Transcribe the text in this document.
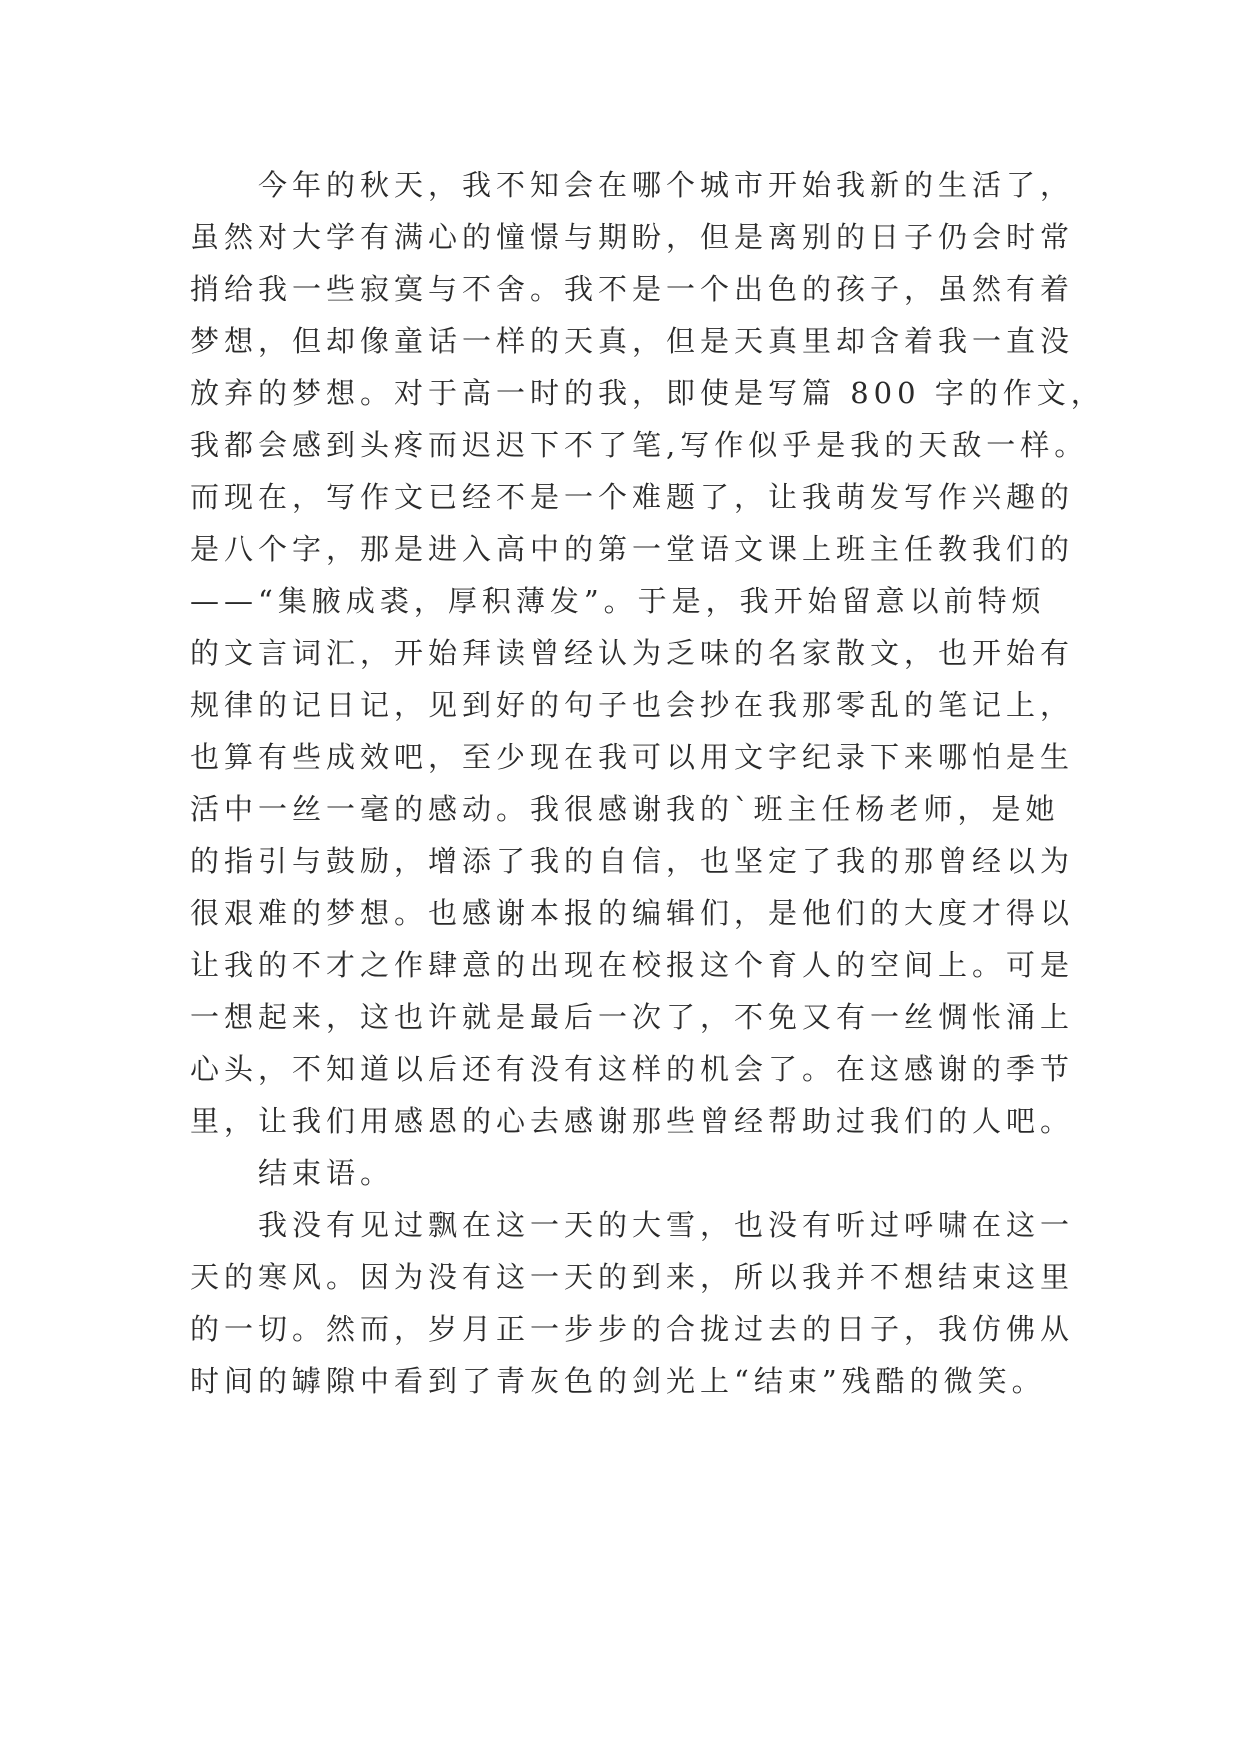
今年的秋天，我不知会在哪个城市开始我新的生活了，
虽然对大学有满心的憧憬与期盼，但是离别的日子仍会时常
捎给我一些寂寞与不舍。我不是一个出色的孩子，虽然有着
梦想，但却像童话一样的天真，但是天真里却含着我一直没
放弃的梦想。对于高一时的我，即使是写篇 800 字的作文，
我都会感到头疼而迟迟下不了笔,写作似乎是我的天敌一样。
而现在，写作文已经不是一个难题了，让我萌发写作兴趣的
是八个字，那是进入高中的第一堂语文课上班主任教我们的
——“集腋成裘，厚积薄发”。于是，我开始留意以前特烦
的文言词汇，开始拜读曾经认为乏味的名家散文，也开始有
规律的记日记，见到好的句子也会抄在我那零乱的笔记上，
也算有些成效吧，至少现在我可以用文字纪录下来哪怕是生
活中一丝一毫的感动。我很感谢我的`班主任杨老师，是她
的指引与鼓励，增添了我的自信，也坚定了我的那曾经以为
很艰难的梦想。也感谢本报的编辑们，是他们的大度才得以
让我的不才之作肆意的出现在校报这个育人的空间上。可是
一想起来，这也许就是最后一次了，不免又有一丝惆怅涌上
心头，不知道以后还有没有这样的机会了。在这感谢的季节
里，让我们用感恩的心去感谢那些曾经帮助过我们的人吧。
结束语。
我没有见过飘在这一天的大雪，也没有听过呼啸在这一
天的寒风。因为没有这一天的到来，所以我并不想结束这里
的一切。然而，岁月正一步步的合拢过去的日子，我仿佛从
时间的罅隙中看到了青灰色的剑光上“结束”残酷的微笑。
